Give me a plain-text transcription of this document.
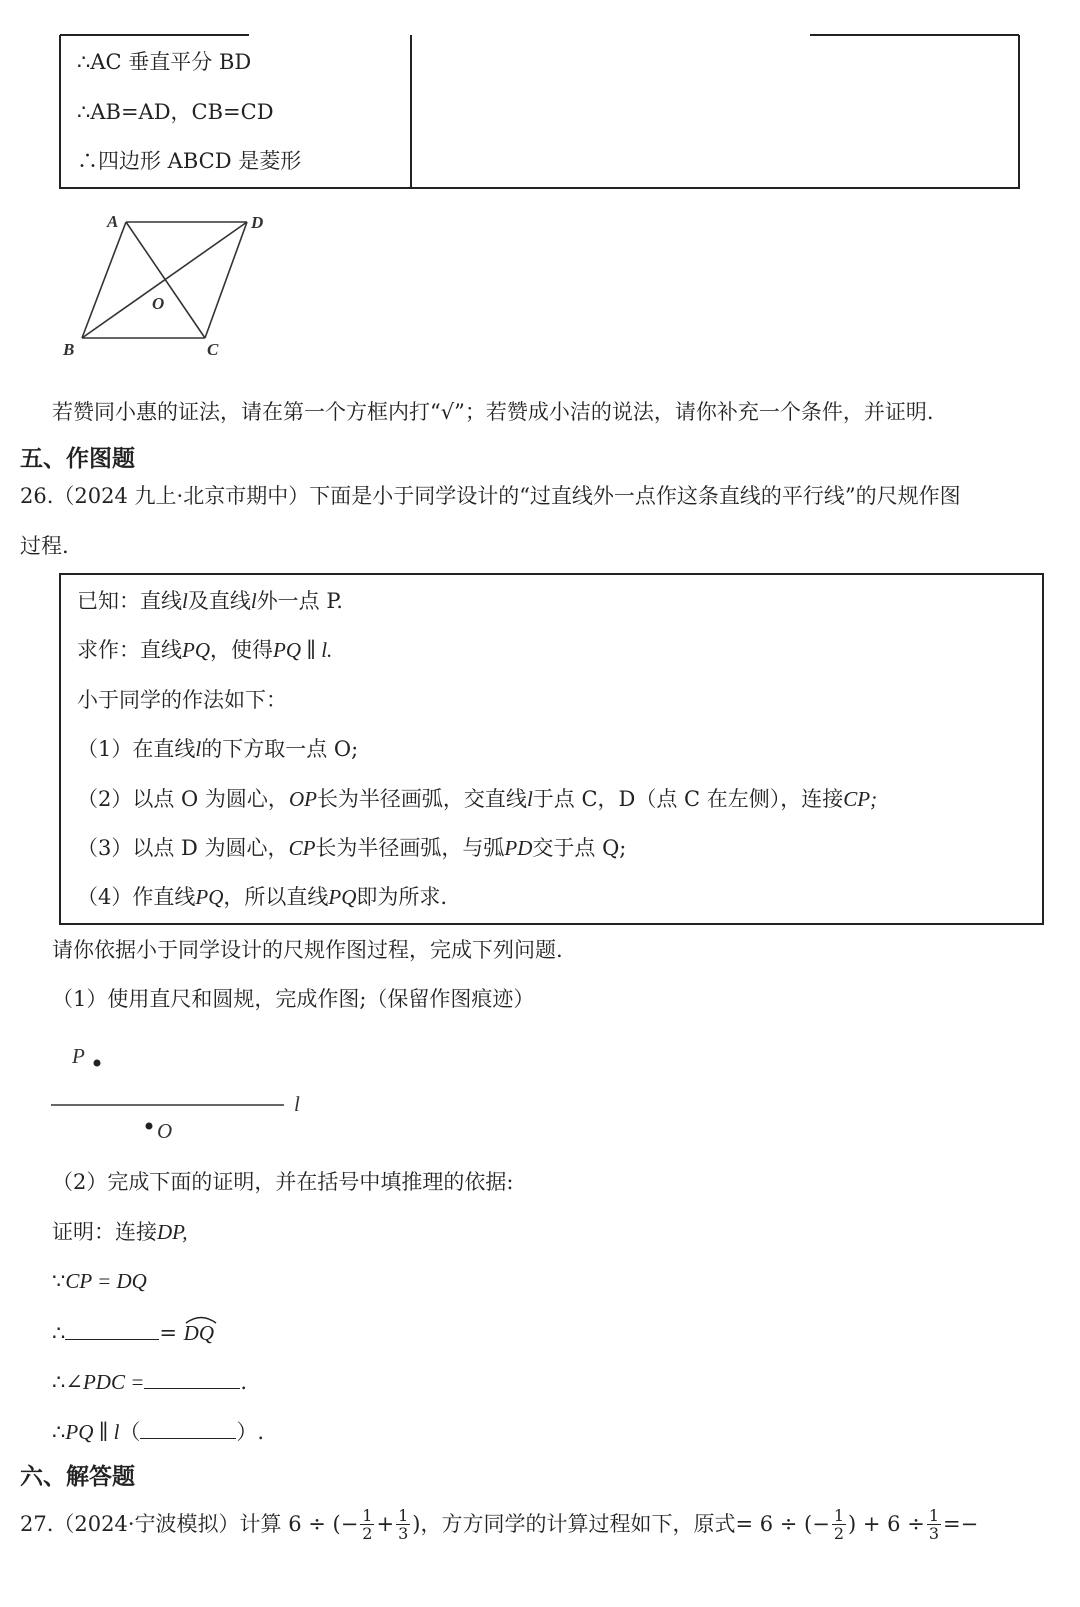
∴AC 垂直平分 BD
∴AB=AD，CB=CD
∴四边形 ABCD 是菱形
A	D
O
B	C
若赞同小惠的证法，请在第一个方框内打“√”；若赞成小洁的说法，请你补充一个条件，并证明.
五、作图题
26.（2024 九上·北京市期中）下面是小于同学设计的“过直线外一点作这条直线的平行线”的尺规作图
过程.
已知：直线l及直线l外一点 P.
求作：直线PQ，使得PQ ∥ l.
小于同学的作法如下：
（1）在直线l的下方取一点 O;
（2）以点 O 为圆心，OP长为半径画弧，交直线l于点 C，D（点 C 在左侧），连接CP;
（3）以点 D 为圆心，CP长为半径画弧，与弧PD交于点 Q;
（4）作直线PQ，所以直线PQ即为所求.
请你依据小于同学设计的尺规作图过程，完成下列问题.
（1）使用直尺和圆规，完成作图;（保留作图痕迹）
P
l
O
（2）完成下面的证明，并在括号中填推理的依据:
证明：连接DP,
∵CP = DQ
∴	= DQ
∴∠PDC =	.
∴PQ ∥ l（	）.
六、解答题
27.（2024·宁波模拟）计算 6 ÷ (− $\frac{1}{2} + \frac{1}{3}$ )，方方同学的计算过程如下，原式= 6 ÷ (− $\frac{1}{2}$ ) + $6 \div \frac{1}{3}$ =−
